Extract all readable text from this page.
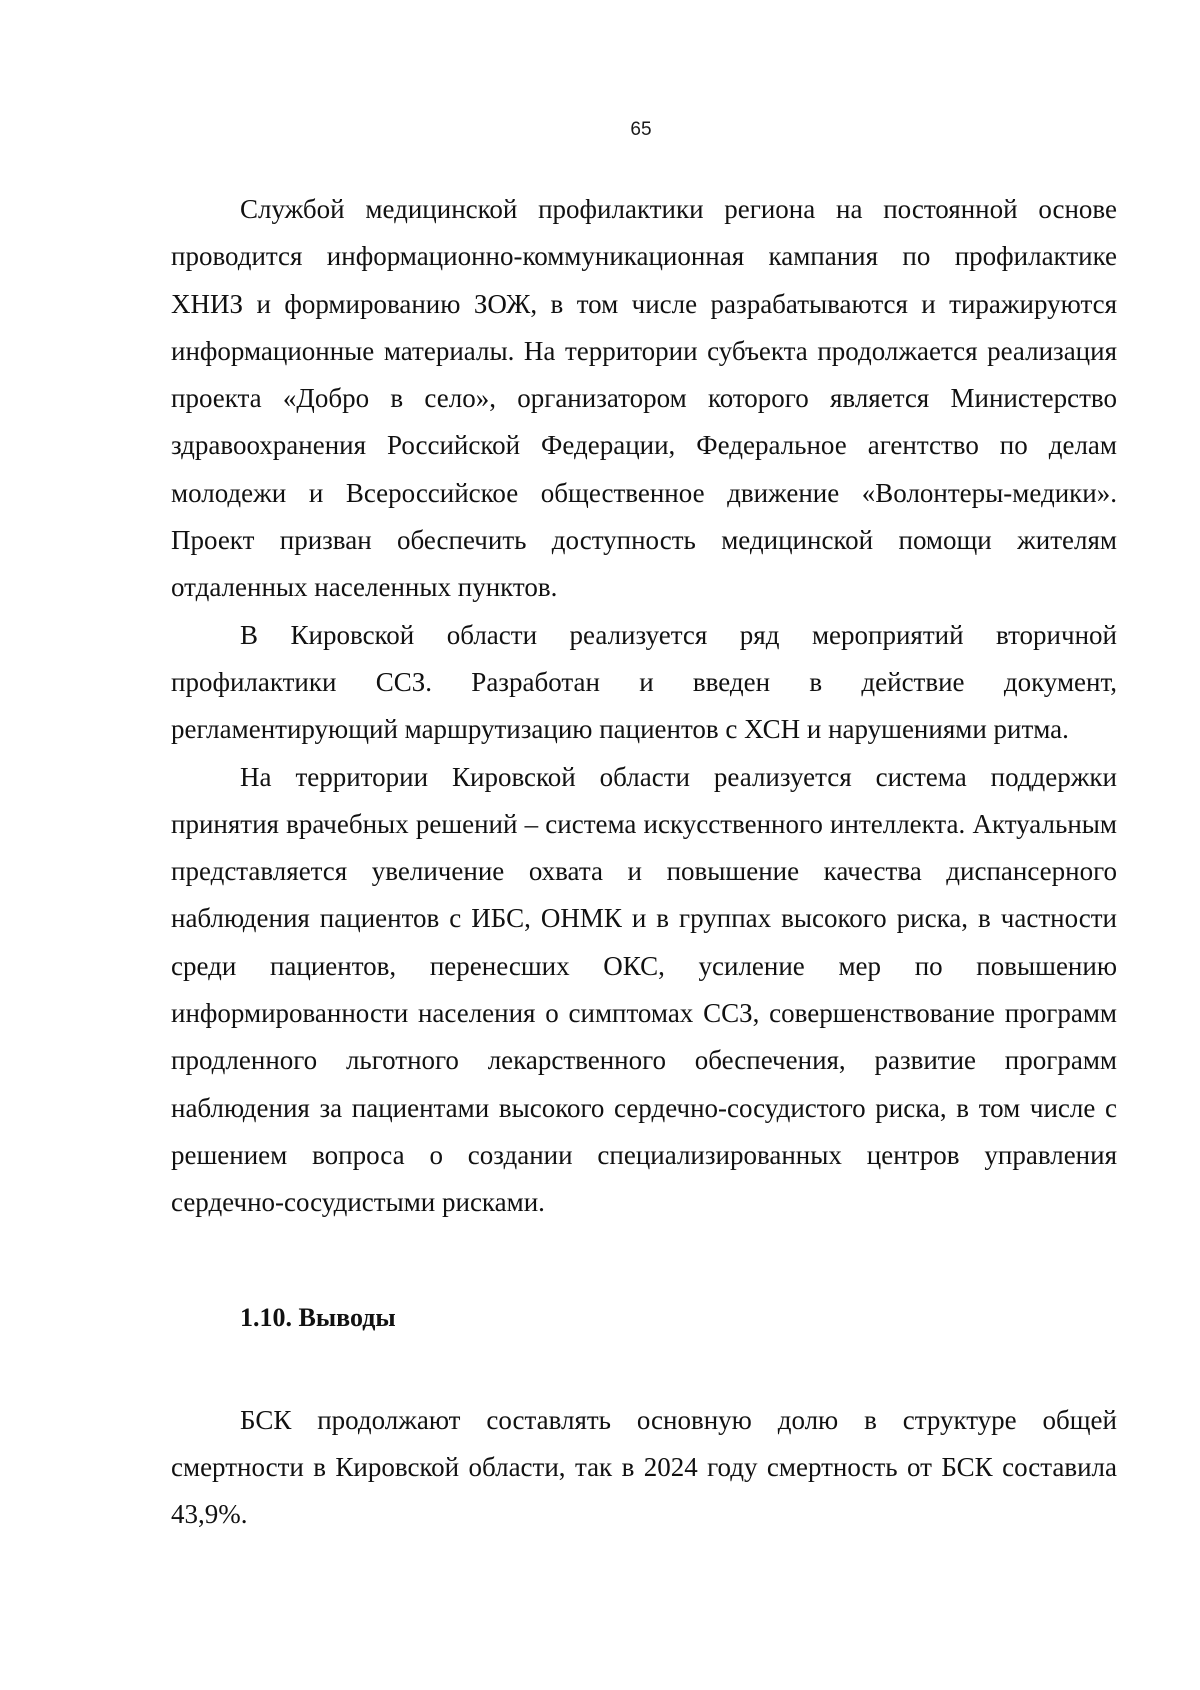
65

Службой медицинской профилактики региона на постоянной основе проводится информационно-коммуникационная кампания по профилактике ХНИЗ и формированию ЗОЖ, в том числе разрабатываются и тиражируются информационные материалы. На территории субъекта продолжается реализация проекта «Добро в село», организатором которого является Министерство здравоохранения Российской Федерации, Федеральное агентство по делам молодежи и Всероссийское общественное движение «Волонтеры-медики». Проект призван обеспечить доступность медицинской помощи жителям отдаленных населенных пунктов.

В Кировской области реализуется ряд мероприятий вторичной профилактики ССЗ. Разработан и введен в действие документ, регламентирующий маршрутизацию пациентов с ХСН и нарушениями ритма.

На территории Кировской области реализуется система поддержки принятия врачебных решений – система искусственного интеллекта. Актуальным представляется увеличение охвата и повышение качества диспансерного наблюдения пациентов с ИБС, ОНМК и в группах высокого риска, в частности среди пациентов, перенесших ОКС, усиление мер по повышению информированности населения о симптомах ССЗ, совершенствование программ продленного льготного лекарственного обеспечения, развитие программ наблюдения за пациентами высокого сердечно-сосудистого риска, в том числе с решением вопроса о создании специализированных центров управления сердечно-сосудистыми рисками.

1.10. Выводы

БСК продолжают составлять основную долю в структуре общей смертности в Кировской области, так в 2024 году смертность от БСК составила 43,9%.
